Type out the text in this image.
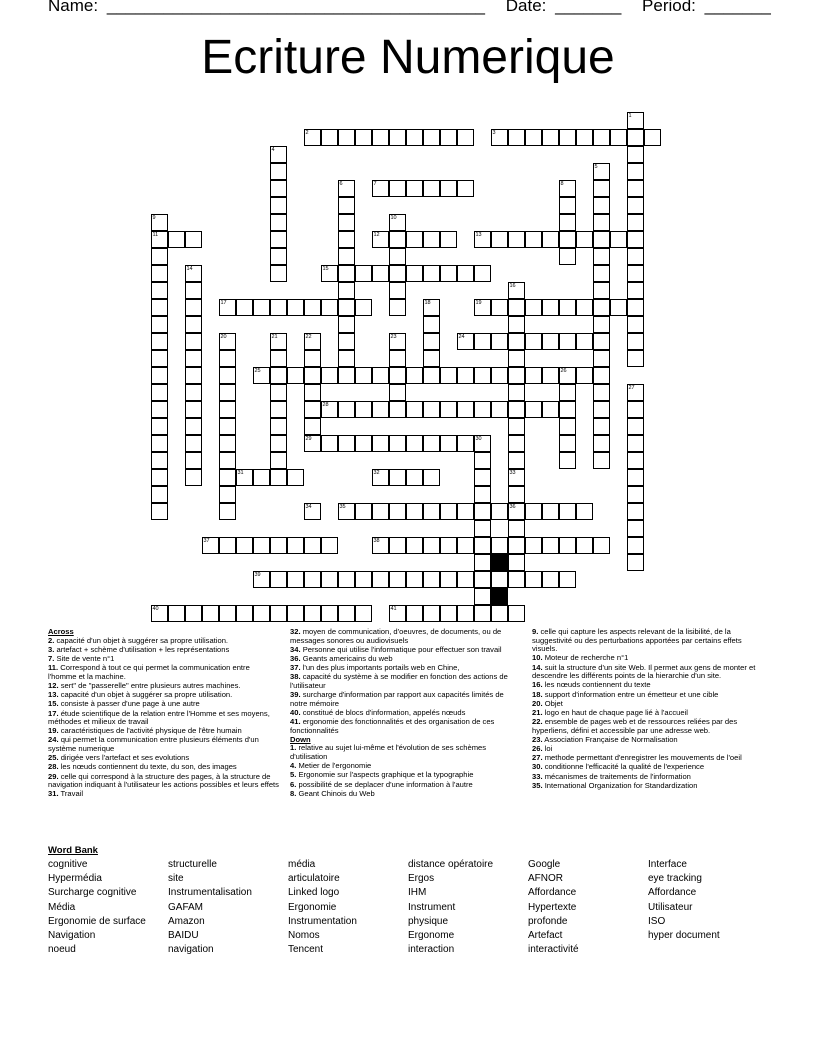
Name: ________________________________________ Date: _______ Period: _______
Ecriture Numerique
1
2	3
4
5
6	7	8
9	10
11	12	13
14	15
16
17	18	19
20	21	22	23	24
25	26
27
28
29	30
31	32	33
34	35	36
37	38
39
40	41
Across
2. capacité d'un objet à suggérer sa propre utilisation.
3. artefact + schème d'utilisation + les représentations
7. Site de vente n°1
11. Correspond à tout ce qui permet la communication entre l'homme et la machine.
12. sert" de "passerelle" entre plusieurs autres machines.
13. capacité d'un objet à suggérer sa propre utilisation.
15. consiste à passer d'une page à une autre
17. étude scientifique de la relation entre l'Homme et ses moyens, méthodes et milieux de travail
19. caractéristiques de l'activité physique de l'être humain
24. qui permet la communication entre plusieurs éléments d'un système numerique
25. dirigée vers l'artefact et ses evolutions
28. les nœuds contiennent du texte, du son, des images
29. celle qui correspond à la structure des pages, à la structure de navigation indiquant à l'utilisateur les actions possibles et leurs effets
31. Travail
32. moyen de communication, d'oeuvres, de documents, ou de messages sonores ou audiovisuels
34. Personne qui utilise l'informatique pour effectuer son travail
36. Geants americains du web
37. l'un des plus importants portails web en Chine,
38. capacité du système à se modifier en fonction des actions de l'utilisateur
39. surcharge d'information par rapport aux capacités limités de notre mémoire
40. constitué de blocs d'information, appelés nœuds
41. ergonomie des fonctionnalités et des organisation de ces fonctionnalités
Down
1. relative au sujet lui-même et l'évolution de ses schèmes d'utilisation
4. Metier de l'ergonomie
5. Ergonomie sur l'aspects graphique et la typographie
6. possibilité de se deplacer d'une information à l'autre
8. Geant Chinois du Web
9. celle qui capture les aspects relevant de la lisibilité, de la suggestivité ou des perturbations apportées par certains effets visuels.
10. Moteur de recherche n°1
14. suit la structure d'un site Web. Il permet aux gens de monter et descendre les différents points de la hierarchie d'un site.
16. les nœuds contiennent du texte
18. support d'information entre un émetteur et une cible
20. Objet
21. logo en haut de chaque page lié à l'accueil
22. ensemble de pages web et de ressources reliées par des hyperliens, défini et accessible par une adresse web.
23. Association Française de Normalisation
26. loi
27. methode permettant d'enregistrer les mouvements de l'oeil
30. conditionne l'efficacité la qualité de l'experience
33. mécanismes de traitements de l'information
35. International Organization for Standardization
Word Bank
cognitive
Hypermédia
Surcharge cognitive
Média
Ergonomie de surface
Navigation
noeud
structurelle
site
Instrumentalisation
GAFAM
Amazon
BAIDU
navigation
média
articulatoire
Linked logo
Ergonomie
Instrumentation
Nomos
Tencent
distance opératoire
Ergos
IHM
Instrument
physique
Ergonome
interaction
Google
AFNOR
Affordance
Hypertexte
profonde
Artefact
interactivité
Interface
eye tracking
Affordance
Utilisateur
ISO
hyper document
